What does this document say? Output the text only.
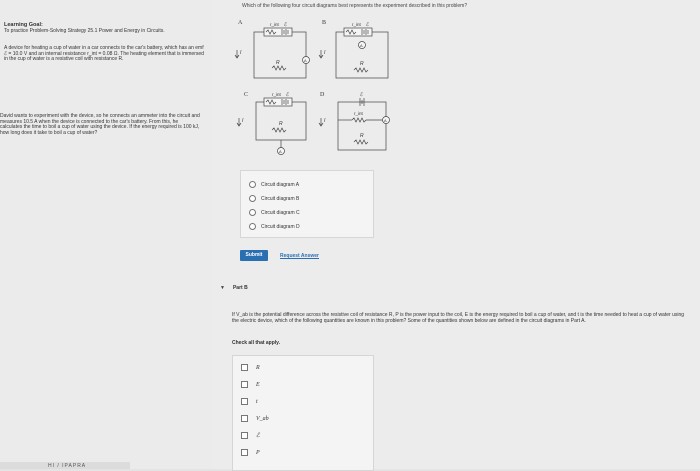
Learning Goal:
To practice Problem-Solving Strategy 25.1 Power and Energy in Circuits.
A device for heating a cup of water in a car connects to the car's battery, which has an emf ℰ = 10.0 V and an internal resistance r_int = 0.08 Ω. The heating element that is immersed in the cup of water is a resistive coil with resistance R.
David wants to experiment with the device, so he connects an ammeter into the circuit and measures 10.5 A when the device is connected to the car's battery. From this, he calculates the time to boil a cup of water using the device. If the energy required is 100 kJ, how long does it take to boil a cup of water?
HI / IPAPRA
Which of the following four circuit diagrams best represents the experiment described in this problem?
A	B
C	D
r_int ℰ
R	A
I
r_int ℰ
A
R
I
r_int ℰ
R
A
I
ℰ
r_int
R
A
I
Circuit diagram A
Circuit diagram B
Circuit diagram C
Circuit diagram D
Submit	Request Answer
▼ Part B
If V_ab is the potential difference across the resistive coil of resistance R, P is the power input to the coil, E is the energy required to boil a cup of water, and t is the time needed to heat a cup of water using the electric device, which of the following quantities are known in this problem? Some of the quantities shown below are defined in the circuit diagrams in Part A.
Check all that apply.
R
E
t
V_ab
ℰ
P
